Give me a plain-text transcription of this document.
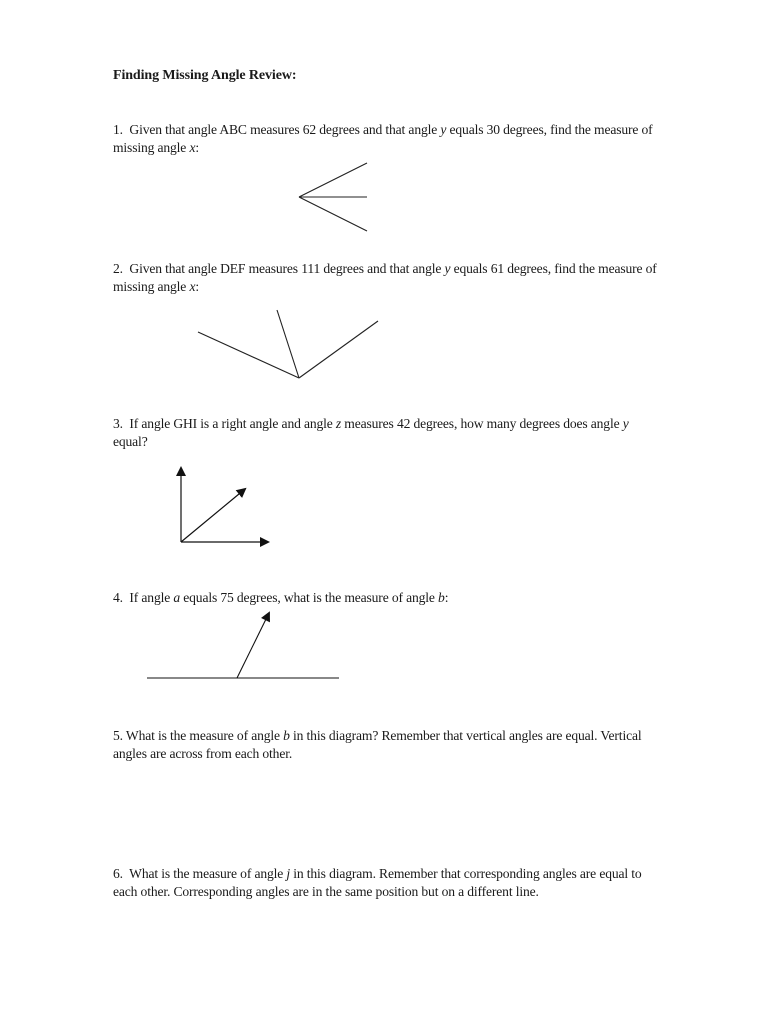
Finding Missing Angle Review:

1. Given that angle ABC measures 62 degrees and that angle y equals 30 degrees, find the measure of missing angle x:

2. Given that angle DEF measures 111 degrees and that angle y equals 61 degrees, find the measure of missing angle x:

3.  If angle GHI is a right angle and angle z measures 42 degrees, how many degrees does angle y equal?

4. If angle a equals 75 degrees, what is the measure of angle b:

5. What is the measure of angle b in this diagram? Remember that vertical angles are equal. Vertical angles are across from each other.

6. What is the measure of angle j in this diagram. Remember that corresponding angles are equal to each other. Corresponding angles are in the same position but on a different line.
